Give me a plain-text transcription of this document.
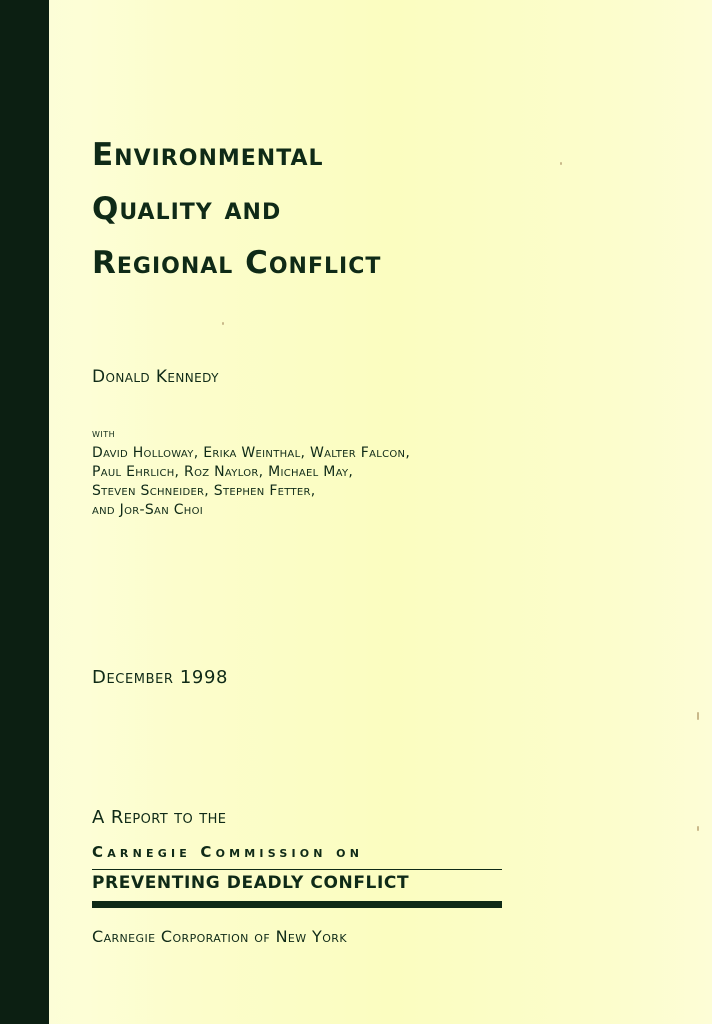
Environmental
Quality and
Regional Conflict
Donald Kennedy
with
David Holloway, Erika Weinthal, Walter Falcon,
Paul Ehrlich, Roz Naylor, Michael May,
Steven Schneider, Stephen Fetter,
and Jor-San Choi
December 1998
A Report to the
Carnegie Commission on
PREVENTING DEADLY CONFLICT
Carnegie Corporation of New York
